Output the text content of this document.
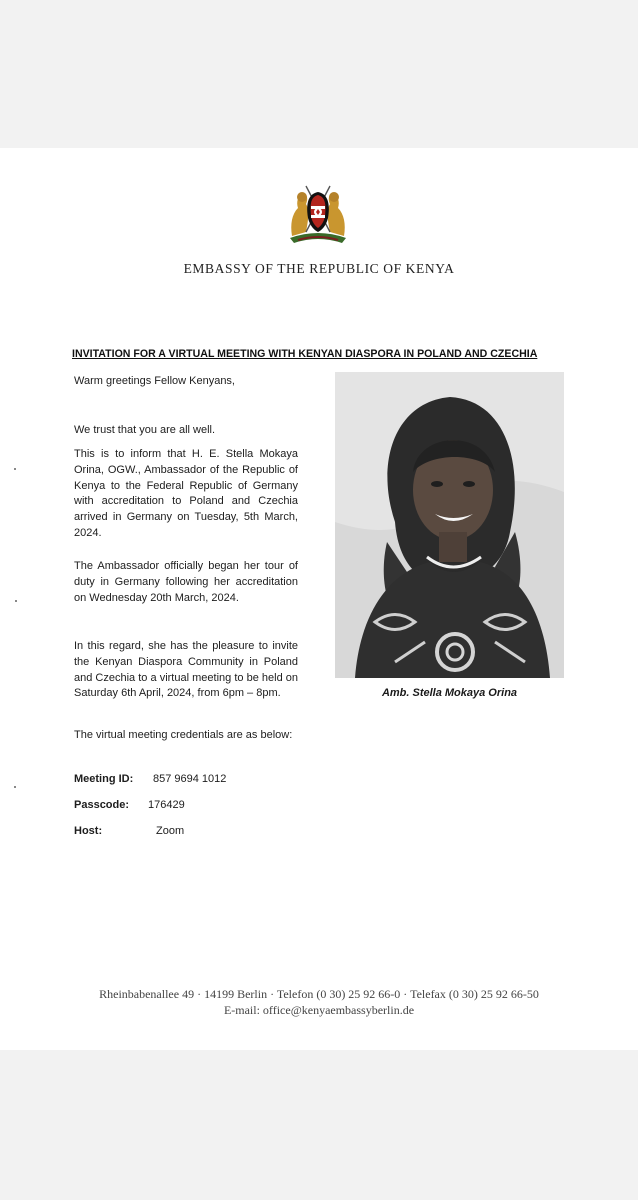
EMBASSY OF THE REPUBLIC OF KENYA
INVITATION FOR A VIRTUAL MEETING WITH KENYAN DIASPORA IN POLAND AND CZECHIA
Warm greetings Fellow Kenyans,
We trust that you are all well.
This is to inform that H. E. Stella Mokaya Orina, OGW., Ambassador of the Republic of Kenya to the Federal Republic of Germany with accreditation to Poland and Czechia arrived in Germany on Tuesday, 5th March, 2024.
The Ambassador officially began her tour of duty in Germany following her accreditation on Wednesday 20th March, 2024.
In this regard, she has the pleasure to invite the Kenyan Diaspora Community in Poland and Czechia to a virtual meeting to be held on Saturday 6th April, 2024, from 6pm – 8pm.
The virtual meeting credentials are as below:
Meeting ID: 857 9694 1012
Passcode: 176429
Host:	Zoom
Amb. Stella Mokaya Orina
Rheinbabenallee 49 · 14199 Berlin · Telefon (0 30) 25 92 66-0 · Telefax (0 30) 25 92 66-50
E-mail: office@kenyaembassyberlin.de
